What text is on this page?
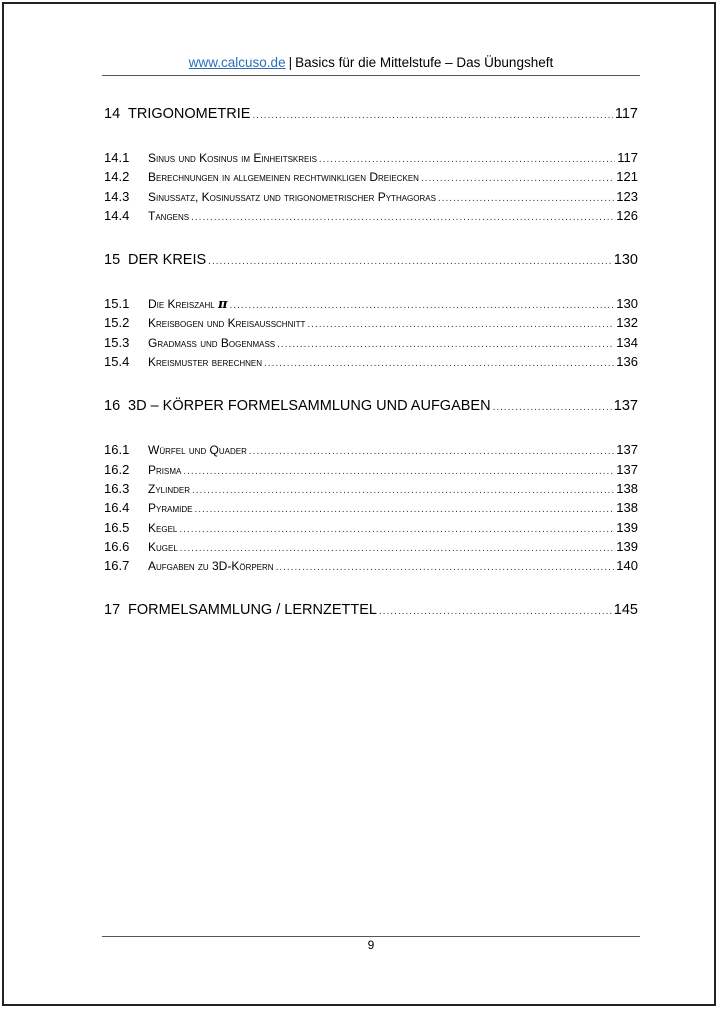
www.calcuso.de | Basics für die Mittelstufe – Das Übungsheft
14 TRIGONOMETRIE .....	117
14.1	Sinus und Kosinus im Einheitskreis .....	117
14.2	Berechnungen in allgemeinen rechtwinkligen Dreiecken .....	121
14.3	Sinussatz, Kosinussatz und trigonometrischer Pythagoras .....	123
14.4	Tangens .....	126
15 DER KREIS .....	130
15.1	Die Kreiszahl π .....	130
15.2	Kreisbogen und Kreisausschnitt .....	132
15.3	Gradmaß und Bogenmaß .....	134
15.4	Kreismuster berechnen .....	136
16 3D – KÖRPER FORMELSAMMLUNG UND AUFGABEN .....	137
16.1	Würfel und Quader .....	137
16.2	Prisma .....	137
16.3	Zylinder .....	138
16.4	Pyramide .....	138
16.5	Kegel .....	139
16.6	Kugel .....	139
16.7	Aufgaben zu 3D-Körpern .....	140
17 FORMELSAMMLUNG / LERNZETTEL .....	145
9
